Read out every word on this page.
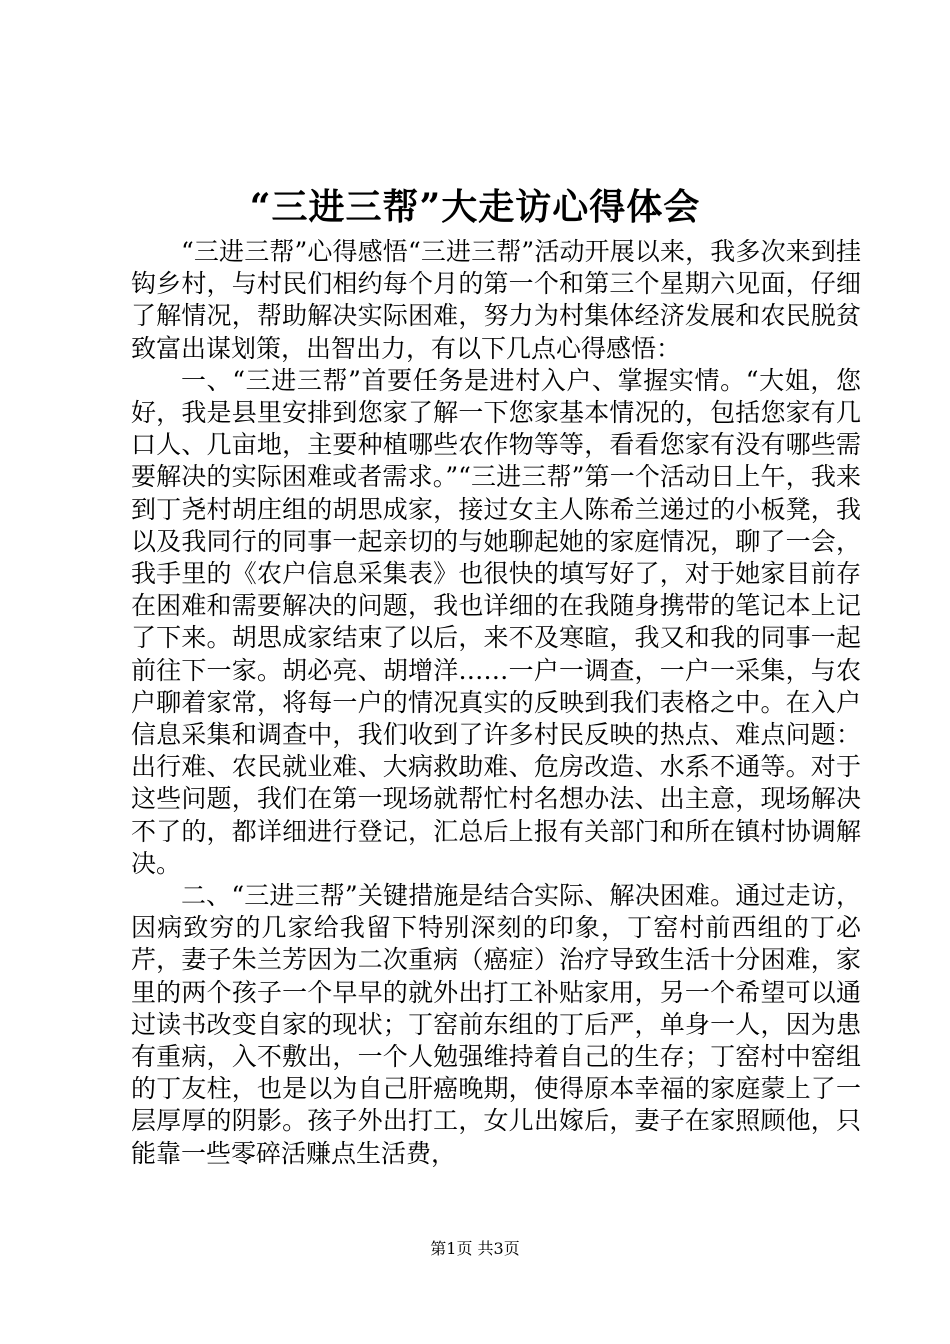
“三进三帮”大走访心得体会

“三进三帮”心得感悟“三进三帮”活动开展以来，我多次来到挂钩乡村，与村民们相约每个月的第一个和第三个星期六见面，仔细了解情况，帮助解决实际困难，努力为村集体经济发展和农民脱贫致富出谋划策，出智出力，有以下几点心得感悟：

一、“三进三帮”首要任务是进村入户、掌握实情。“大姐，您好，我是县里安排到您家了解一下您家基本情况的，包括您家有几口人、几亩地，主要种植哪些农作物等等，看看您家有没有哪些需要解决的实际困难或者需求。”“三进三帮”第一个活动日上午，我来到丁尧村胡庄组的胡思成家，接过女主人陈希兰递过的小板凳，我以及我同行的同事一起亲切的与她聊起她的家庭情况，聊了一会，我手里的《农户信息采集表》也很快的填写好了，对于她家目前存在困难和需要解决的问题，我也详细的在我随身携带的笔记本上记了下来。胡思成家结束了以后，来不及寒暄，我又和我的同事一起前往下一家。胡必亮、胡增洋……一户一调查，一户一采集，与农户聊着家常，将每一户的情况真实的反映到我们表格之中。在入户信息采集和调查中，我们收到了许多村民反映的热点、难点问题：出行难、农民就业难、大病救助难、危房改造、水系不通等。对于这些问题，我们在第一现场就帮忙村名想办法、出主意，现场解决不了的，都详细进行登记，汇总后上报有关部门和所在镇村协调解决。

二、“三进三帮”关键措施是结合实际、解决困难。通过走访，因病致穷的几家给我留下特别深刻的印象，丁窑村前西组的丁必芹，妻子朱兰芳因为二次重病（癌症）治疗导致生活十分困难，家里的两个孩子一个早早的就外出打工补贴家用，另一个希望可以通过读书改变自家的现状；丁窑前东组的丁后严，单身一人，因为患有重病，入不敷出，一个人勉强维持着自己的生存；丁窑村中窑组的丁友柱，也是以为自己肝癌晚期，使得原本幸福的家庭蒙上了一层厚厚的阴影。孩子外出打工，女儿出嫁后，妻子在家照顾他，只能靠一些零碎活赚点生活费，

第1页 共3页
